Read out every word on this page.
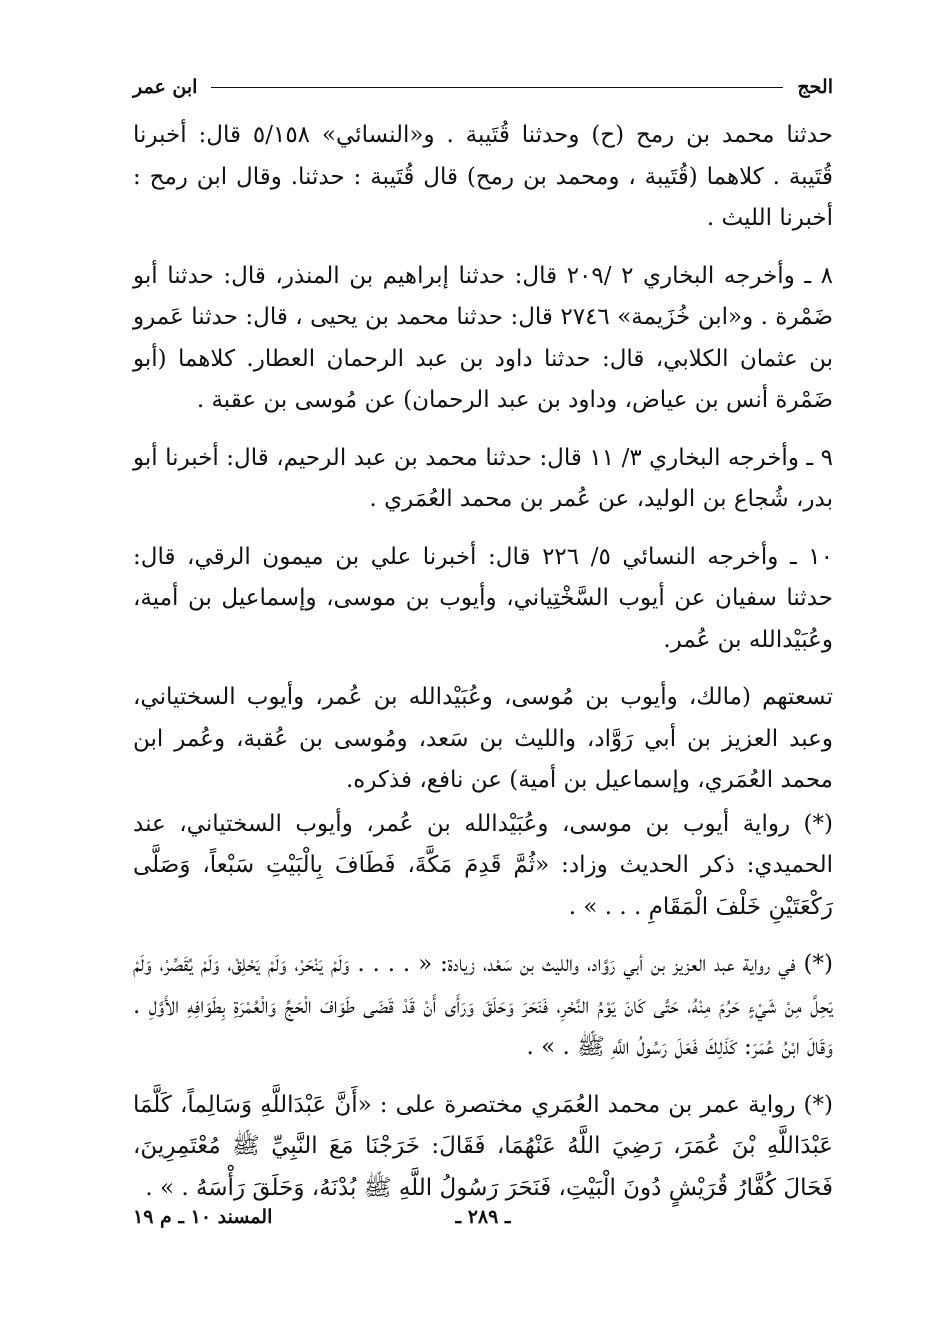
الحج
ابن عمر

حدثنا محمد بن رمح (ح) وحدثنا قُتَيبة . و«النسائي» ٥/١٥٨ قال: أخبرنا قُتَيبة . كلاهما (قُتَيبة ، ومحمد بن رمح) قال قُتَيبة : حدثنا. وقال ابن رمح : أخبرنا الليث .

٨ ـ وأخرجه البخاري ٢ /٢٠٩ قال: حدثنا إبراهيم بن المنذر، قال: حدثنا أبو ضَمْرة . و«ابن خُزَيمة» ٢٧٤٦ قال: حدثنا محمد بن يحيى ، قال: حدثنا عَمرو بن عثمان الكلابي، قال: حدثنا داود بن عبد الرحمان العطار. كلاهما (أبو ضَمْرة أنس بن عياض، وداود بن عبد الرحمان) عن مُوسى بن عقبة .

٩ ـ وأخرجه البخاري ٣/ ١١ قال: حدثنا محمد بن عبد الرحيم، قال: أخبرنا أبو بدر، شُجاع بن الوليد، عن عُمر بن محمد العُمَري .

١٠ ـ وأخرجه النسائي ٥/ ٢٢٦ قال: أخبرنا علي بن ميمون الرقي، قال: حدثنا سفيان عن أيوب السَّخْتِياني، وأيوب بن موسى، وإسماعيل بن أمية، وعُبَيْدالله بن عُمر.

تسعتهم (مالك، وأيوب بن مُوسى، وعُبَيْدالله بن عُمر، وأيوب السختياني، وعبد العزيز بن أبي رَوَّاد، والليث بن سَعد، ومُوسى بن عُقبة، وعُمر ابن محمد العُمَري، وإسماعيل بن أمية) عن نافع، فذكره.

(*) رواية أيوب بن موسى، وعُبَيْدالله بن عُمر، وأيوب السختياني، عند الحميدي: ذكر الحديث وزاد: «ثُمَّ قَدِمَ مَكَّةَ، فَطَافَ بِالْبَيْتِ سَبْعاً، وَصَلَّى رَكْعَتَيْنِ خَلْفَ الْمَقَامِ . . . » .

(*) في رواية عبد العزيز بن أبي رَوَّاد، والليث بن سَعْد، زيادة: « . . . . وَلَمْ يَنْحَرْ، وَلَمْ يَحْلِقْ، وَلَمْ يُقَصِّرْ، وَلَمْ يَحِلَّ مِنْ شَيْءٍ حَرُمَ مِنْهُ، حَتَّى كَانَ يَوْمُ النَّحْرِ، فَنَحَرَ وَحَلَقَ وَرَأَى أَنْ قَدْ قَضَى طَوَافَ الْحَجِّ وَالْعُمْرَةِ بِطَوَافِهِ الأَوَّلِ . وَقَالَ ابْنُ عُمَرَ: كَذَلِكَ فَعَلَ رَسُولُ اللَّهِ ﷺ . » .

(*) رواية عمر بن محمد العُمَري مختصرة على : «أَنَّ عَبْدَاللَّهِ وَسَالِماً، كَلَّمَا عَبْدَاللَّهِ بْنَ عُمَرَ، رَضِيَ اللَّهُ عَنْهُمَا، فَقَالَ: خَرَجْنَا مَعَ النَّبِيِّ ﷺ مُعْتَمِرِينَ، فَحَالَ كُفَّارُ قُرَيْشٍ دُونَ الْبَيْتِ، فَنَحَرَ رَسُولُ اللَّهِ ﷺ بُدْنَهُ، وَحَلَقَ رَأْسَهُ . » .

ـ ٢٨٩ ـ
المسند ١٠ ـ م ١٩
